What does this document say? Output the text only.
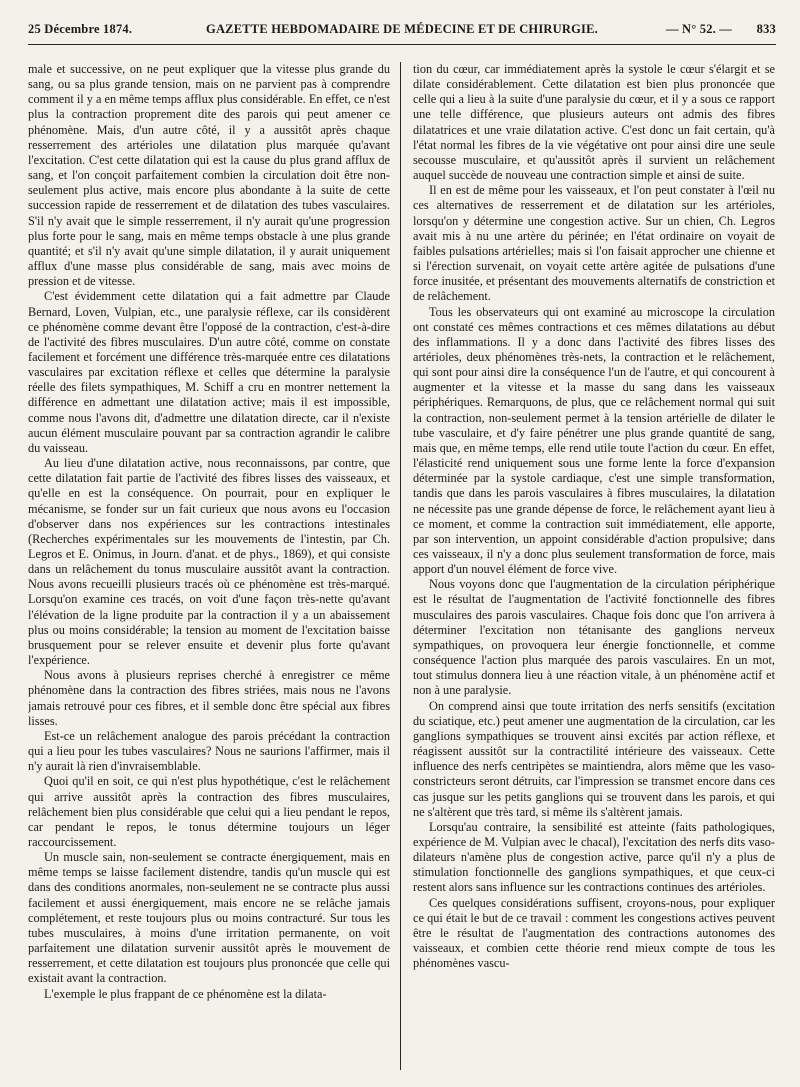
25 Décembre 1874.	GAZETTE HEBDOMADAIRE DE MÉDECINE ET DE CHIRURGIE.	— N° 52. — 833

male et successive, on ne peut expliquer que la vitesse plus grande du sang, ou sa plus grande tension, mais on ne parvient pas à comprendre comment il y a en même temps afflux plus considérable. En effet, ce n'est plus la contraction proprement dite des parois qui peut amener ce phénomène. Mais, d'un autre côté, il y a aussitôt après chaque resserrement des artérioles une dilatation plus marquée qu'avant l'excitation. C'est cette dilatation qui est la cause du plus grand afflux de sang, et l'on conçoit parfaitement combien la circulation doit être non-seulement plus active, mais encore plus abondante à la suite de cette succession rapide de resserrement et de dilatation des tubes vasculaires. S'il n'y avait que le simple resserrement, il n'y aurait qu'une progression plus forte pour le sang, mais en même temps obstacle à une plus grande quantité; et s'il n'y avait qu'une simple dilatation, il y aurait uniquement afflux d'une masse plus considérable de sang, mais avec moins de pression et de vitesse.

C'est évidemment cette dilatation qui a fait admettre par Claude Bernard, Loven, Vulpian, etc., une paralysie réflexe, car ils considèrent ce phénomène comme devant être l'opposé de la contraction, c'est-à-dire de l'activité des fibres musculaires. D'un autre côté, comme on constate facilement et forcément une différence très-marquée entre ces dilatations vasculaires par excitation réflexe et celles que détermine la paralysie réelle des filets sympathiques, M. Schiff a cru en montrer nettement la différence en admettant une dilatation active; mais il est impossible, comme nous l'avons dit, d'admettre une dilatation directe, car il n'existe aucun élément musculaire pouvant par sa contraction agrandir le calibre du vaisseau.

Au lieu d'une dilatation active, nous reconnaissons, par contre, que cette dilatation fait partie de l'activité des fibres lisses des vaisseaux, et qu'elle en est la conséquence. On pourrait, pour en expliquer le mécanisme, se fonder sur un fait curieux que nous avons eu l'occasion d'observer dans nos expériences sur les contractions intestinales (Recherches expérimentales sur les mouvements de l'intestin, par Ch. Legros et E. Onimus, in Journ. d'anat. et de phys., 1869), et qui consiste dans un relâchement du tonus musculaire aussitôt avant la contraction. Nous avons recueilli plusieurs tracés où ce phénomène est très-marqué. Lorsqu'on examine ces tracés, on voit d'une façon très-nette qu'avant l'élévation de la ligne produite par la contraction il y a un abaissement plus ou moins considérable; la tension au moment de l'excitation baisse brusquement pour se relever ensuite et devenir plus forte qu'avant l'expérience.

Nous avons à plusieurs reprises cherché à enregistrer ce même phénomène dans la contraction des fibres striées, mais nous ne l'avons jamais retrouvé pour ces fibres, et il semble donc être spécial aux fibres lisses.

Est-ce un relâchement analogue des parois précédant la contraction qui a lieu pour les tubes vasculaires? Nous ne saurions l'affirmer, mais il n'y aurait là rien d'invraisemblable.

Quoi qu'il en soit, ce qui n'est plus hypothétique, c'est le relâchement qui arrive aussitôt après la contraction des fibres musculaires, relâchement bien plus considérable que celui qui a lieu pendant le repos, car pendant le repos, le tonus détermine toujours un léger raccourcissement.

Un muscle sain, non-seulement se contracte énergiquement, mais en même temps se laisse facilement distendre, tandis qu'un muscle qui est dans des conditions anormales, non-seulement ne se contracte plus aussi facilement et aussi énergiquement, mais encore ne se relâche jamais complétement, et reste toujours plus ou moins contracturé. Sur tous les tubes musculaires, à moins d'une irritation permanente, on voit parfaitement une dilatation survenir aussitôt après le mouvement de resserrement, et cette dilatation est toujours plus prononcée que celle qui existait avant la contraction.

L'exemple le plus frappant de ce phénomène est la dilata-

tion du cœur, car immédiatement après la systole le cœur s'élargit et se dilate considérablement. Cette dilatation est bien plus prononcée que celle qui a lieu à la suite d'une paralysie du cœur, et il y a sous ce rapport une telle différence, que plusieurs auteurs ont admis des fibres dilatatrices et une vraie dilatation active. C'est donc un fait certain, qu'à l'état normal les fibres de la vie végétative ont pour ainsi dire une seule secousse musculaire, et qu'aussitôt après il survient un relâchement auquel succède de nouveau une contraction simple et ainsi de suite.

Il en est de même pour les vaisseaux, et l'on peut constater à l'œil nu ces alternatives de resserrement et de dilatation sur les artérioles, lorsqu'on y détermine une congestion active. Sur un chien, Ch. Legros avait mis à nu une artère du périnée; en l'état ordinaire on voyait de faibles pulsations artérielles; mais si l'on faisait approcher une chienne et si l'érection survenait, on voyait cette artère agitée de pulsations d'une force inusitée, et présentant des mouvements alternatifs de constriction et de relâchement.

Tous les observateurs qui ont examiné au microscope la circulation ont constaté ces mêmes contractions et ces mêmes dilatations au début des inflammations. Il y a donc dans l'activité des fibres lisses des artérioles, deux phénomènes très-nets, la contraction et le relâchement, qui sont pour ainsi dire la conséquence l'un de l'autre, et qui concourent à augmenter et la vitesse et la masse du sang dans les vaisseaux périphériques. Remarquons, de plus, que ce relâchement normal qui suit la contraction, non-seulement permet à la tension artérielle de dilater le tube vasculaire, et d'y faire pénétrer une plus grande quantité de sang, mais que, en même temps, elle rend utile toute l'action du cœur. En effet, l'élasticité rend uniquement sous une forme lente la force d'expansion déterminée par la systole cardiaque, c'est une simple transformation, tandis que dans les parois vasculaires à fibres musculaires, la dilatation ne nécessite pas une grande dépense de force, le relâchement ayant lieu à ce moment, et comme la contraction suit immédiatement, elle apporte, par son intervention, un appoint considérable d'action propulsive; dans ces vaisseaux, il n'y a donc plus seulement transformation de force, mais apport d'un nouvel élément de force vive.

Nous voyons donc que l'augmentation de la circulation périphérique est le résultat de l'augmentation de l'activité fonctionnelle des fibres musculaires des parois vasculaires. Chaque fois donc que l'on arrivera à déterminer l'excitation non tétanisante des ganglions nerveux sympathiques, on provoquera leur énergie fonctionnelle, et comme conséquence l'action plus marquée des parois vasculaires. En un mot, tout stimulus donnera lieu à une réaction vitale, à un phénomène actif et non à une paralysie.

On comprend ainsi que toute irritation des nerfs sensitifs (excitation du sciatique, etc.) peut amener une augmentation de la circulation, car les ganglions sympathiques se trouvent ainsi excités par action réflexe, et réagissent aussitôt sur la contractilité intérieure des vaisseaux. Cette influence des nerfs centripètes se maintiendra, alors même que les vaso-constricteurs seront détruits, car l'impression se transmet encore dans ces cas jusque sur les petits ganglions qui se trouvent dans les parois, et qui ne s'altèrent que très tard, si même ils s'altèrent jamais.

Lorsqu'au contraire, la sensibilité est atteinte (faits pathologiques, expérience de M. Vulpian avec le chacal), l'excitation des nerfs dits vaso-dilateurs n'amène plus de congestion active, parce qu'il n'y a plus de stimulation fonctionnelle des ganglions sympathiques, et que ceux-ci restent alors sans influence sur les contractions continues des artérioles.

Ces quelques considérations suffisent, croyons-nous, pour expliquer ce qui était le but de ce travail : comment les congestions actives peuvent être le résultat de l'augmentation des contractions autonomes des vaisseaux, et combien cette théorie rend mieux compte de tous les phénomènes vascu-
